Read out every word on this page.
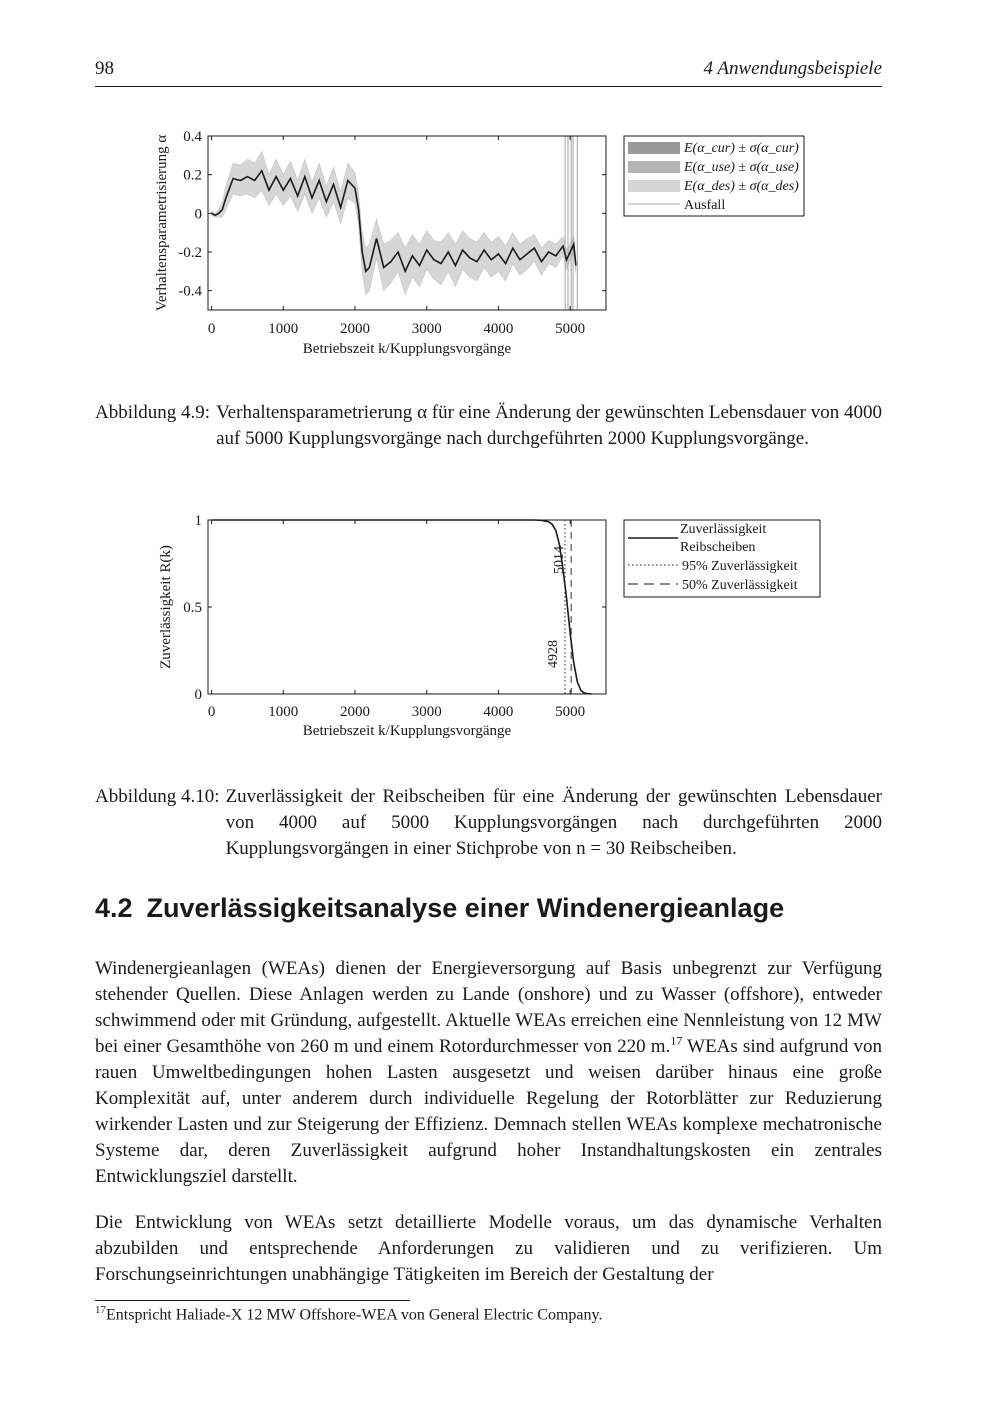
98	4 Anwendungsbeispiele
0	1000	2000	3000	4000	5000
0.4
0.2
0
-0.2
-0.4
Betriebszeit k/Kupplungsvorgänge
Verhaltensparametrisierung α	E(α_cur) ± σ(α_cur)
E(α_use) ± σ(α_use)
E(α_des) ± σ(α_des)
Ausfall
Abbildung 4.9: Verhaltensparametrierung α für eine Änderung der gewünschten Lebensdauer von 4000 auf 5000 Kupplungsvorgänge nach durchgeführten 2000 Kupplungsvorgänge.
4928
5014
0	1000	2000	3000	4000	5000
1
0.5
0
Betriebszeit k/Kupplungsvorgänge
Zuverlässigkeit R(k)
Zuverlässigkeit Reibscheiben
95% Zuverlässigkeit
50% Zuverlässigkeit
Abbildung 4.10: Zuverlässigkeit der Reibscheiben für eine Änderung der gewünschten Lebensdauer von 4000 auf 5000 Kupplungsvorgängen nach durchgeführten 2000 Kupplungsvorgängen in einer Stichprobe von n = 30 Reibscheiben.
4.2 Zuverlässigkeitsanalyse einer Windenergieanlage
Windenergieanlagen (WEAs) dienen der Energieversorgung auf Basis unbegrenzt zur Verfügung stehender Quellen. Diese Anlagen werden zu Lande (onshore) und zu Wasser (offshore), entweder schwimmend oder mit Gründung, aufgestellt. Aktuelle WEAs erreichen eine Nennleistung von 12 MW bei einer Gesamthöhe von 260 m und einem Rotordurchmesser von 220 m.$^{17}$ WEAs sind aufgrund von rauen Umweltbedingungen hohen Lasten ausgesetzt und weisen darüber hinaus eine große Komplexität auf, unter anderem durch individuelle Regelung der Rotorblätter zur Reduzierung wirkender Lasten und zur Steigerung der Effizienz. Demnach stellen WEAs komplexe mechatronische Systeme dar, deren Zuverlässigkeit aufgrund hoher Instandhaltungskosten ein zentrales Entwicklungsziel darstellt.
Die Entwicklung von WEAs setzt detaillierte Modelle voraus, um das dynamische Verhalten abzubilden und entsprechende Anforderungen zu validieren und zu verifizieren. Um Forschungseinrichtungen unabhängige Tätigkeiten im Bereich der Gestaltung der
$^{17}$Entspricht Haliade-X 12 MW Offshore-WEA von General Electric Company.
